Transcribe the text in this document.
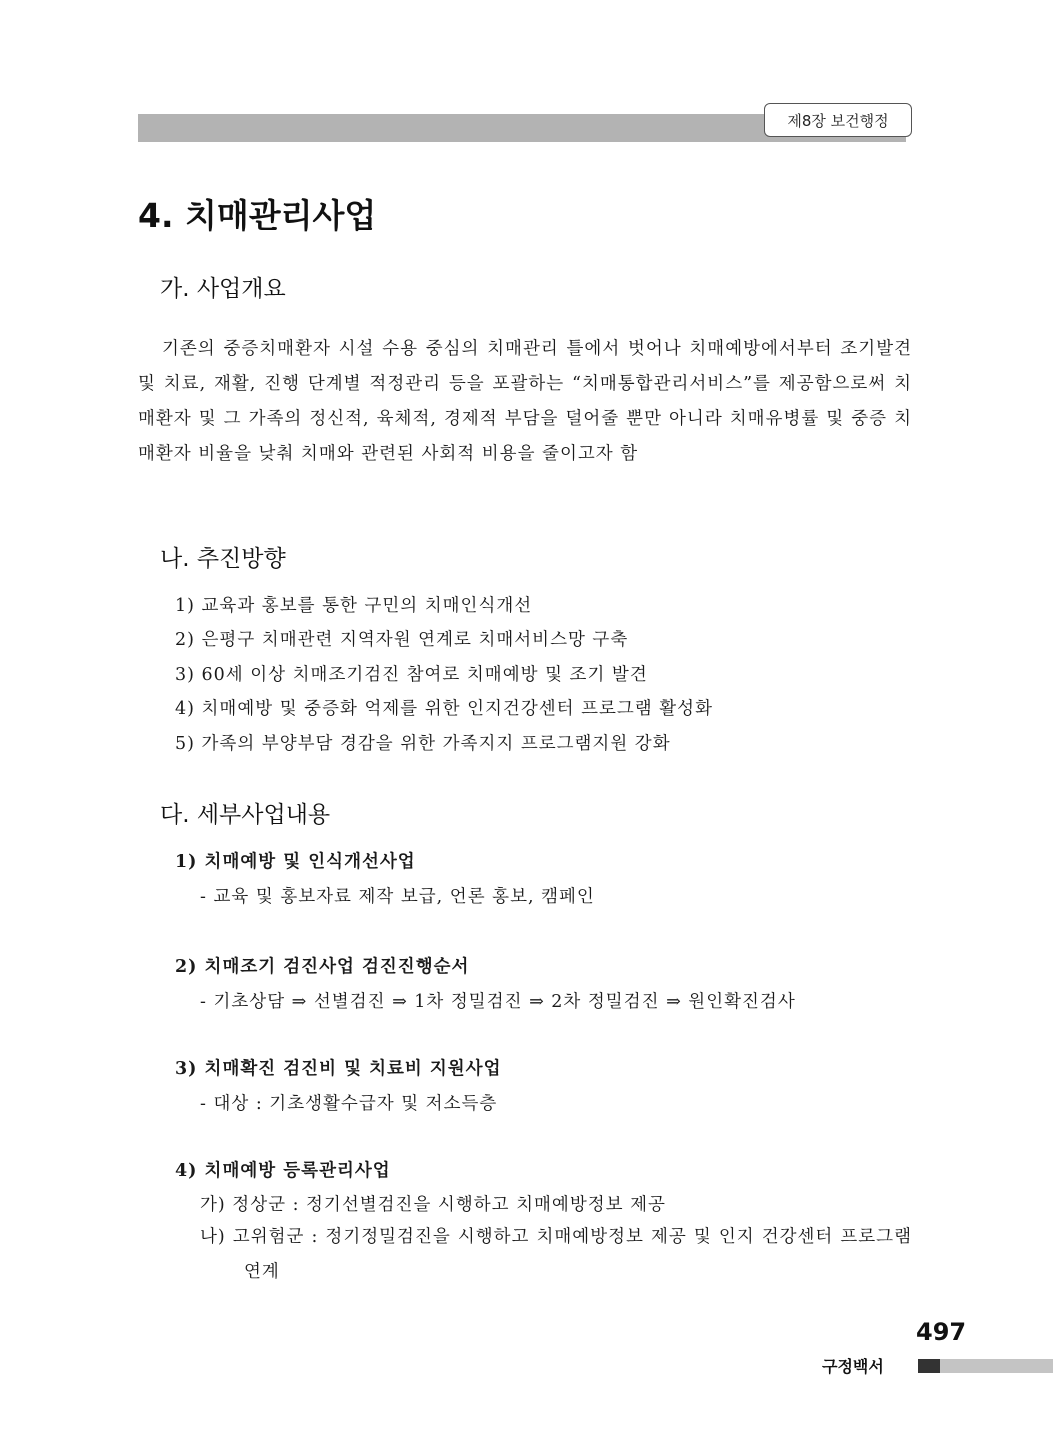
제8장 보건행정
4. 치매관리사업
가. 사업개요

기존의 중증치매환자 시설 수용 중심의 치매관리 틀에서 벗어나 치매예방에서부터 조기발견 및 치료, 재활, 진행 단계별 적정관리 등을 포괄하는 “치매통합관리서비스”를 제공함으로써 치매환자 및 그 가족의 정신적, 육체적, 경제적 부담을 덜어줄 뿐만 아니라 치매유병률 및 중증 치매환자 비율을 낮춰 치매와 관련된 사회적 비용을 줄이고자 함

나. 추진방향

1) 교육과 홍보를 통한 구민의 치매인식개선

2) 은평구 치매관련 지역자원 연계로 치매서비스망 구축

3) 60세 이상 치매조기검진 참여로 치매예방 및 조기 발견

4) 치매예방 및 중증화 억제를 위한 인지건강센터 프로그램 활성화

5) 가족의 부양부담 경감을 위한 가족지지 프로그램지원 강화

다. 세부사업내용

1) 치매예방 및 인식개선사업

- 교육 및 홍보자료 제작 보급, 언론 홍보, 캠페인

2) 치매조기 검진사업 검진진행순서

- 기초상담 ⇒ 선별검진 ⇒ 1차 정밀검진 ⇒ 2차 정밀검진 ⇒ 원인확진검사

3) 치매확진 검진비 및 치료비 지원사업

- 대상 : 기초생활수급자 및 저소득층

4) 치매예방 등록관리사업

가) 정상군 : 정기선별검진을 시행하고 치매예방정보 제공

나) 고위험군 : 정기정밀검진을 시행하고 치매예방정보 제공 및 인지 건강센터 프로그램 연계

497
구정백서
